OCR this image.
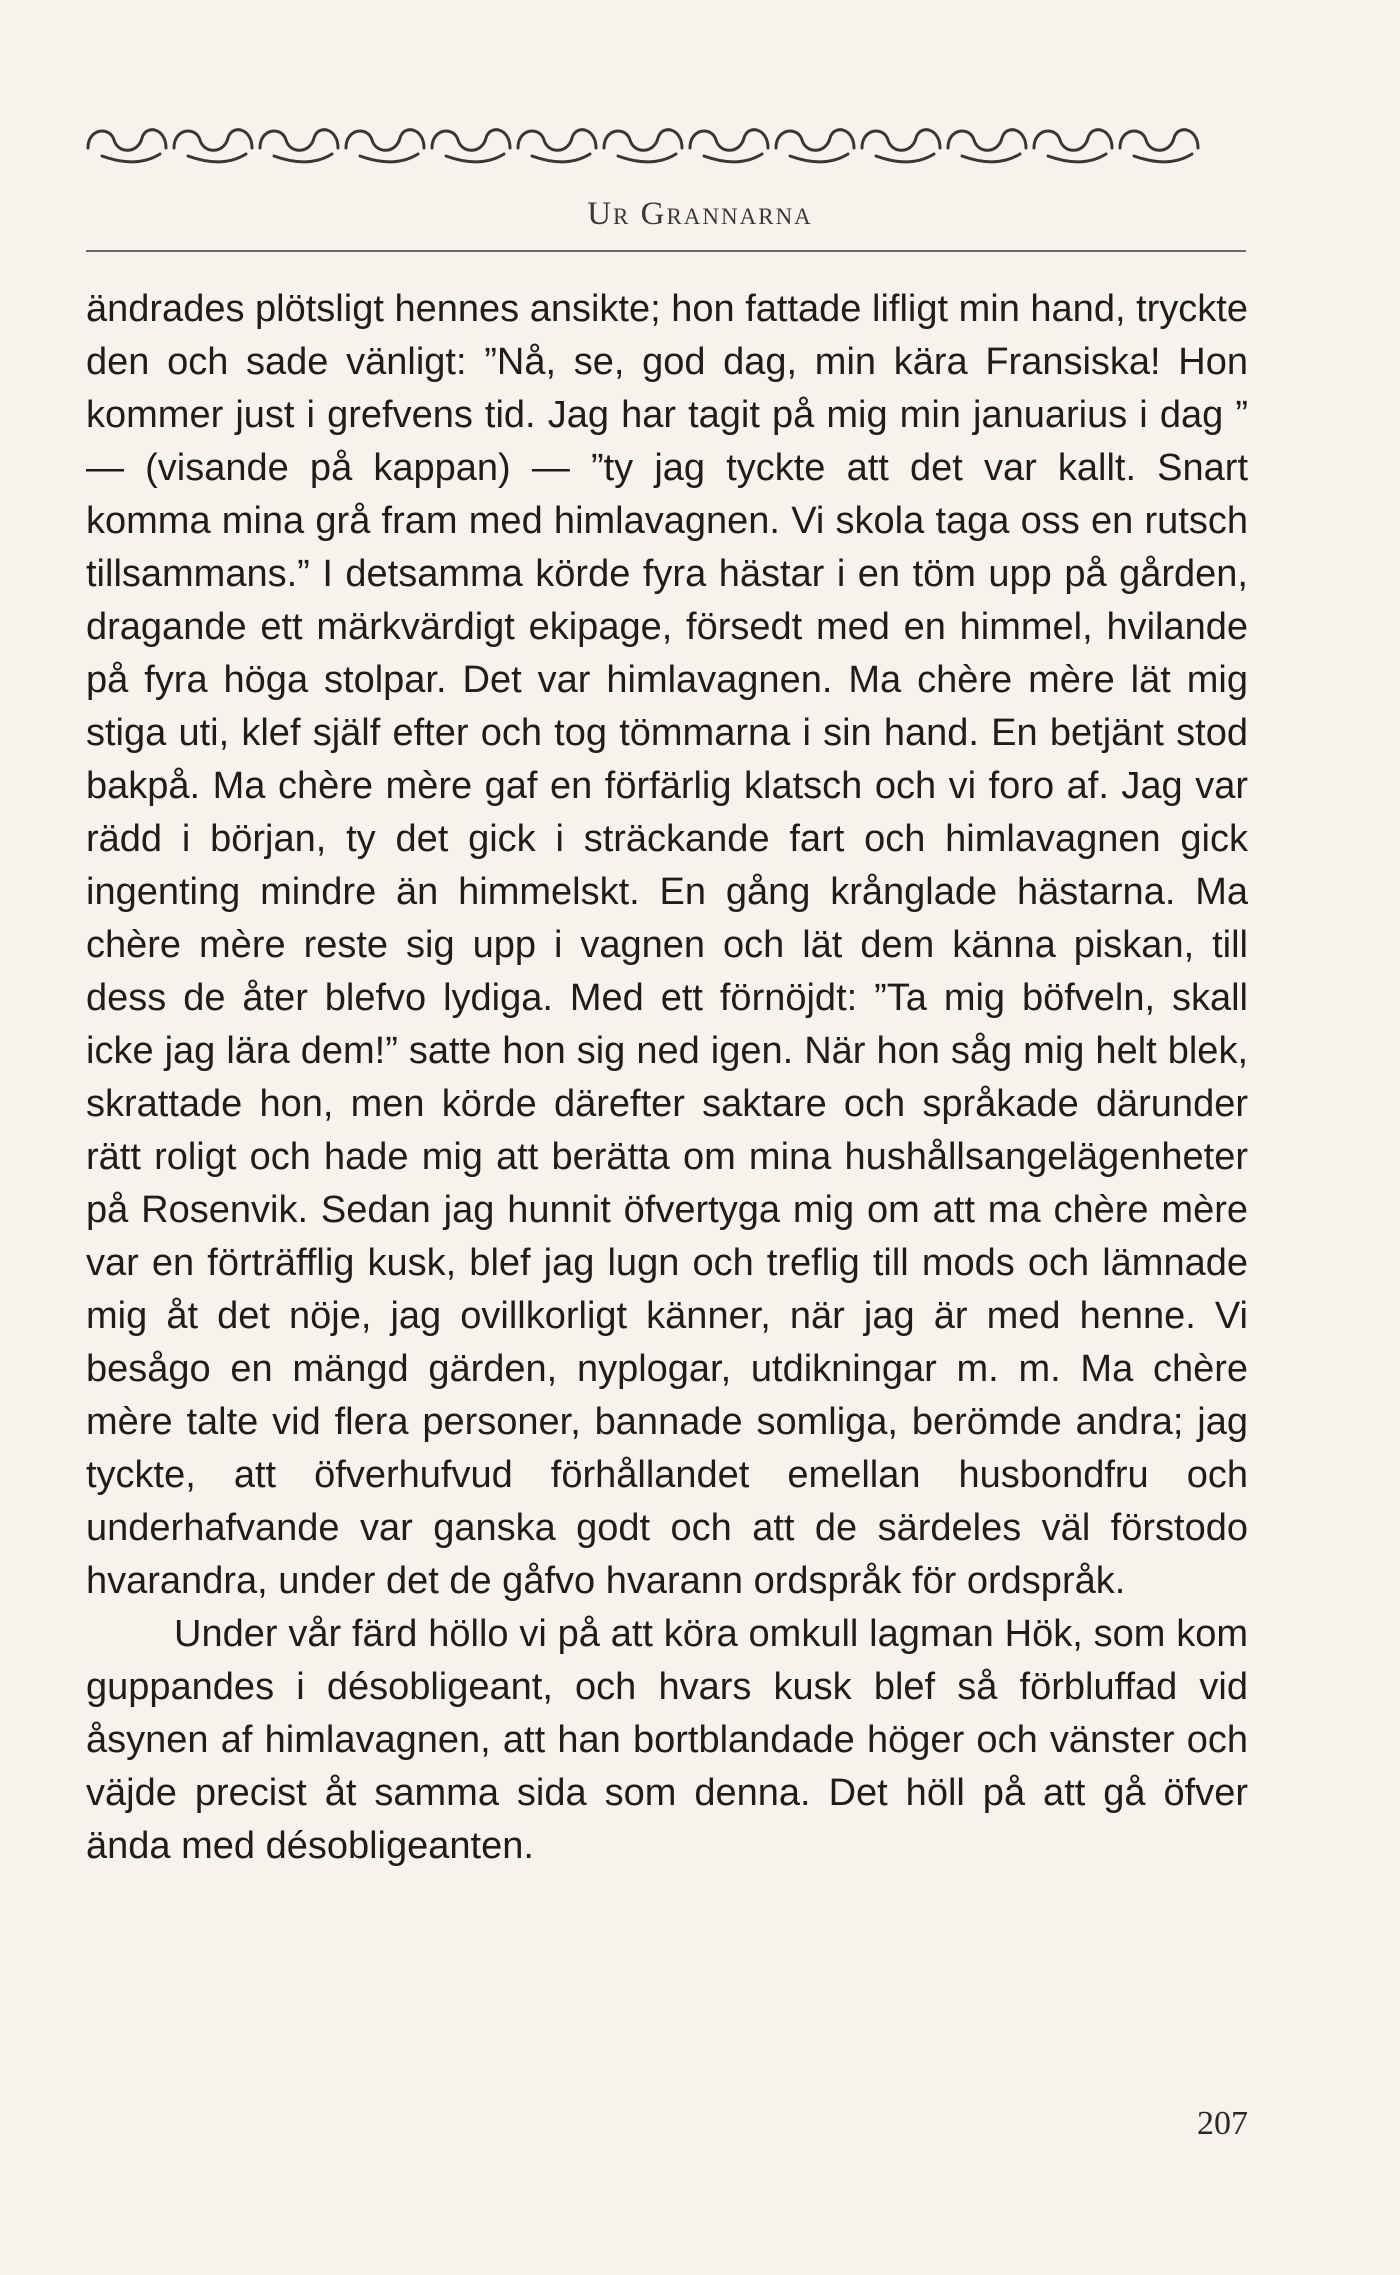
Ur Grannarna

ändrades plötsligt hennes ansikte; hon fattade lifligt min hand, tryckte den och sade vänligt: ”Nå, se, god dag, min kära Fransiska! Hon kommer just i grefvens tid. Jag har tagit på mig min januarius i dag ” — (visande på kappan) — ”ty jag tyckte att det var kallt. Snart komma mina grå fram med himlavagnen. Vi skola taga oss en rutsch tillsammans.” I detsamma körde fyra hästar i en töm upp på gården, dragande ett märkvärdigt ekipage, försedt med en himmel, hvilande på fyra höga stolpar. Det var himlavagnen. Ma chère mère lät mig stiga uti, klef själf efter och tog tömmarna i sin hand. En betjänt stod bakpå. Ma chère mère gaf en förfärlig klatsch och vi foro af. Jag var rädd i början, ty det gick i sträckande fart och himlavagnen gick ingenting mindre än himmelskt. En gång krånglade hästarna. Ma chère mère reste sig upp i vagnen och lät dem känna piskan, till dess de åter blefvo lydiga. Med ett förnöjdt: ”Ta mig böfveln, skall icke jag lära dem!” satte hon sig ned igen. När hon såg mig helt blek, skrattade hon, men körde därefter saktare och språkade därunder rätt roligt och hade mig att berätta om mina hushållsangelägenheter på Rosenvik. Sedan jag hunnit öfvertyga mig om att ma chère mère var en förträfflig kusk, blef jag lugn och treflig till mods och lämnade mig åt det nöje, jag ovillkorligt känner, när jag är med henne. Vi besågo en mängd gärden, nyplogar, utdikningar m. m. Ma chère mère talte vid flera personer, bannade somliga, berömde andra; jag tyckte, att öfverhufvud förhållandet emellan husbondfru och underhafvande var ganska godt och att de särdeles väl förstodo hvarandra, under det de gåfvo hvarann ordspråk för ordspråk.

Under vår färd höllo vi på att köra omkull lagman Hök, som kom guppandes i désobligeant, och hvars kusk blef så förbluffad vid åsynen af himlavagnen, att han bortblandade höger och vänster och väjde precist åt samma sida som denna. Det höll på att gå öfver ända med désobligeanten.

207
